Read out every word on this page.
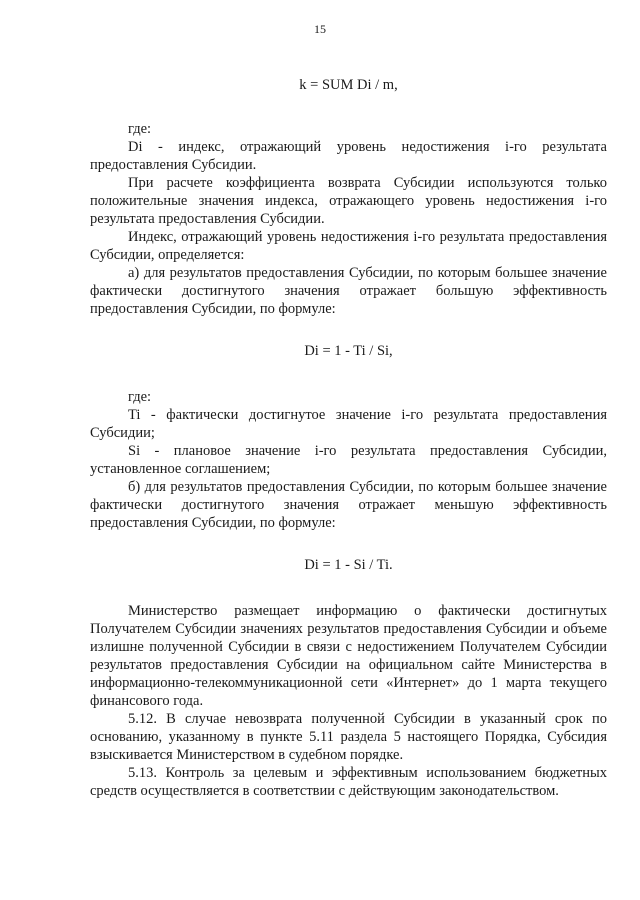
15

k = SUM Di / m,

где:

Di - индекс, отражающий уровень недостижения i-го результата предоставления Субсидии.

При расчете коэффициента возврата Субсидии используются только положительные значения индекса, отражающего уровень недостижения i-го результата предоставления Субсидии.

Индекс, отражающий уровень недостижения i-го результата предоставления Субсидии, определяется:

а) для результатов предоставления Субсидии, по которым большее значение фактически достигнутого значения отражает большую эффективность предоставления Субсидии, по формуле:

Di = 1 - Ti / Si,

где:

Ti - фактически достигнутое значение i-го результата предоставления Субсидии;

Si - плановое значение i-го результата предоставления Субсидии, установленное соглашением;

б) для результатов предоставления Субсидии, по которым большее значение фактически достигнутого значения отражает меньшую эффективность предоставления Субсидии, по формуле:

Di = 1 - Si / Ti.

Министерство размещает информацию о фактически достигнутых Получателем Субсидии значениях результатов предоставления Субсидии и объеме излишне полученной Субсидии в связи с недостижением Получателем Субсидии результатов предоставления Субсидии на официальном сайте Министерства в информационно-телекоммуникационной сети «Интернет» до 1 марта текущего финансового года.

5.12. В случае невозврата полученной Субсидии в указанный срок по основанию, указанному в пункте 5.11 раздела 5 настоящего Порядка, Субсидия взыскивается Министерством в судебном порядке.

5.13. Контроль за целевым и эффективным использованием бюджетных средств осуществляется в соответствии с действующим законодательством.
